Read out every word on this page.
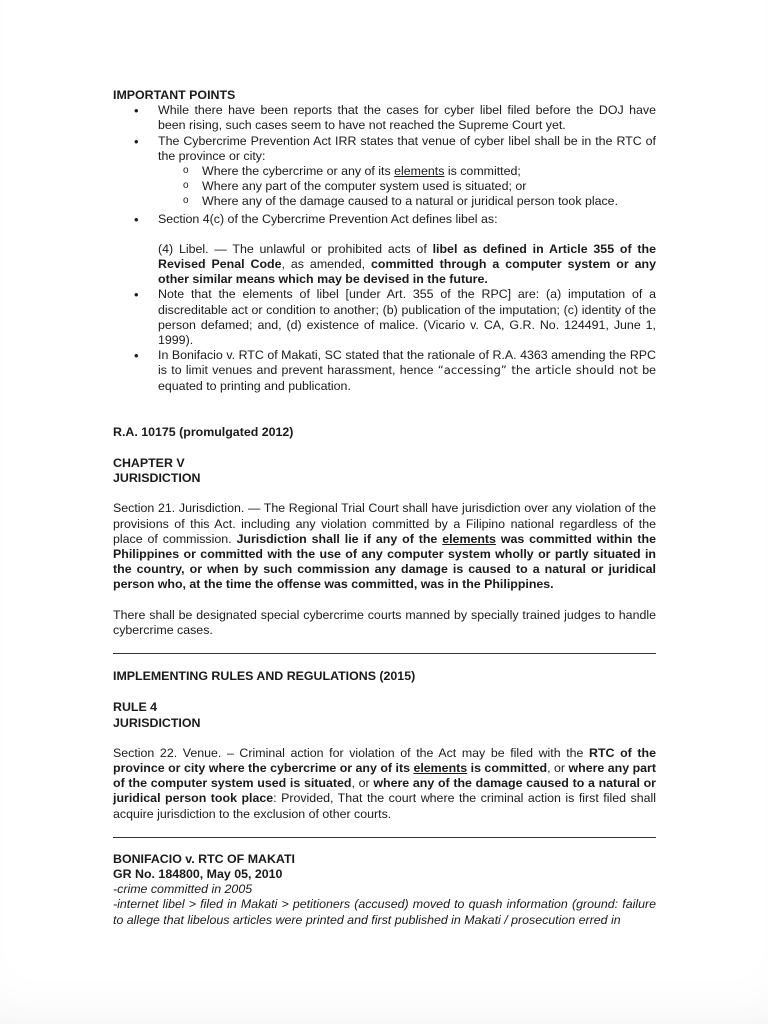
IMPORTANT POINTS

• While there have been reports that the cases for cyber libel filed before the DOJ have been rising, such cases seem to have not reached the Supreme Court yet.
• The Cybercrime Prevention Act IRR states that venue of cyber libel shall be in the RTC of the province or city:
o Where the cybercrime or any of its elements is committed;
o Where any part of the computer system used is situated; or
o Where any of the damage caused to a natural or juridical person took place.
• Section 4(c) of the Cybercrime Prevention Act defines libel as:

(4) Libel. — The unlawful or prohibited acts of libel as defined in Article 355 of the Revised Penal Code, as amended, committed through a computer system or any other similar means which may be devised in the future.

• Note that the elements of libel [under Art. 355 of the RPC] are: (a) imputation of a discreditable act or condition to another; (b) publication of the imputation; (c) identity of the person defamed; and, (d) existence of malice. (Vicario v. CA, G.R. No. 124491, June 1, 1999).
• In Bonifacio v. RTC of Makati, SC stated that the rationale of R.A. 4363 amending the RPC is to limit venues and prevent harassment, hence “accessing” the article should not be equated to printing and publication.

R.A. 10175 (promulgated 2012)

CHAPTER V

JURISDICTION

Section 21. Jurisdiction. — The Regional Trial Court shall have jurisdiction over any violation of the provisions of this Act. including any violation committed by a Filipino national regardless of the place of commission. Jurisdiction shall lie if any of the elements was committed within the Philippines or committed with the use of any computer system wholly or partly situated in the country, or when by such commission any damage is caused to a natural or juridical person who, at the time the offense was committed, was in the Philippines.

There shall be designated special cybercrime courts manned by specially trained judges to handle cybercrime cases.

IMPLEMENTING RULES AND REGULATIONS (2015)

RULE 4

JURISDICTION

Section 22. Venue. – Criminal action for violation of the Act may be filed with the RTC of the province or city where the cybercrime or any of its elements is committed, or where any part of the computer system used is situated, or where any of the damage caused to a natural or juridical person took place: Provided, That the court where the criminal action is first filed shall acquire jurisdiction to the exclusion of other courts.

BONIFACIO v. RTC OF MAKATI

GR No. 184800, May 05, 2010

-crime committed in 2005

-internet libel > filed in Makati > petitioners (accused) moved to quash information (ground: failure to allege that libelous articles were printed and first published in Makati / prosecution erred in
